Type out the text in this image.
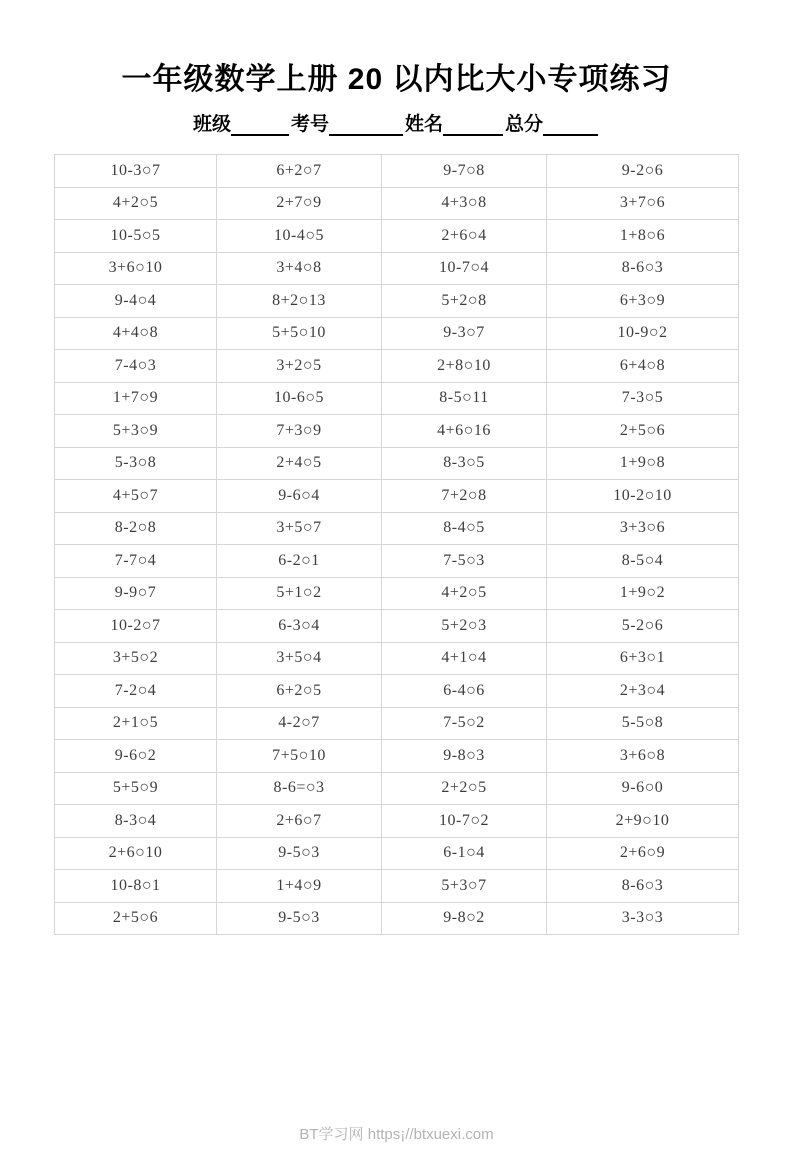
一年级数学上册 20 以内比大小专项练习
班级	考号	姓名	总分
10-3○7	6+2○7	9-7○8	9-2○6
4+2○5	2+7○9	4+3○8	3+7○6
10-5○5	10-4○5	2+6○4	1+8○6
3+6○10	3+4○8	10-7○4	8-6○3
9-4○4	8+2○13	5+2○8	6+3○9
4+4○8	5+5○10	9-3○7	10-9○2
7-4○3	3+2○5	2+8○10	6+4○8
1+7○9	10-6○5	8-5○11	7-3○5
5+3○9	7+3○9	4+6○16	2+5○6
5-3○8	2+4○5	8-3○5	1+9○8
4+5○7	9-6○4	7+2○8	10-2○10
8-2○8	3+5○7	8-4○5	3+3○6
7-7○4	6-2○1	7-5○3	8-5○4
9-9○7	5+1○2	4+2○5	1+9○2
10-2○7	6-3○4	5+2○3	5-2○6
3+5○2	3+5○4	4+1○4	6+3○1
7-2○4	6+2○5	6-4○6	2+3○4
2+1○5	4-2○7	7-5○2	5-5○8
9-6○2	7+5○10	9-8○3	3+6○8
5+5○9	8-6=○3	2+2○5	9-6○0
8-3○4	2+6○7	10-7○2	2+9○10
2+6○10	9-5○3	6-1○4	2+6○9
10-8○1	1+4○9	5+3○7	8-6○3
2+5○6	9-5○3	9-8○2	3-3○3
BT学习网 https¡//btxuexi.com
